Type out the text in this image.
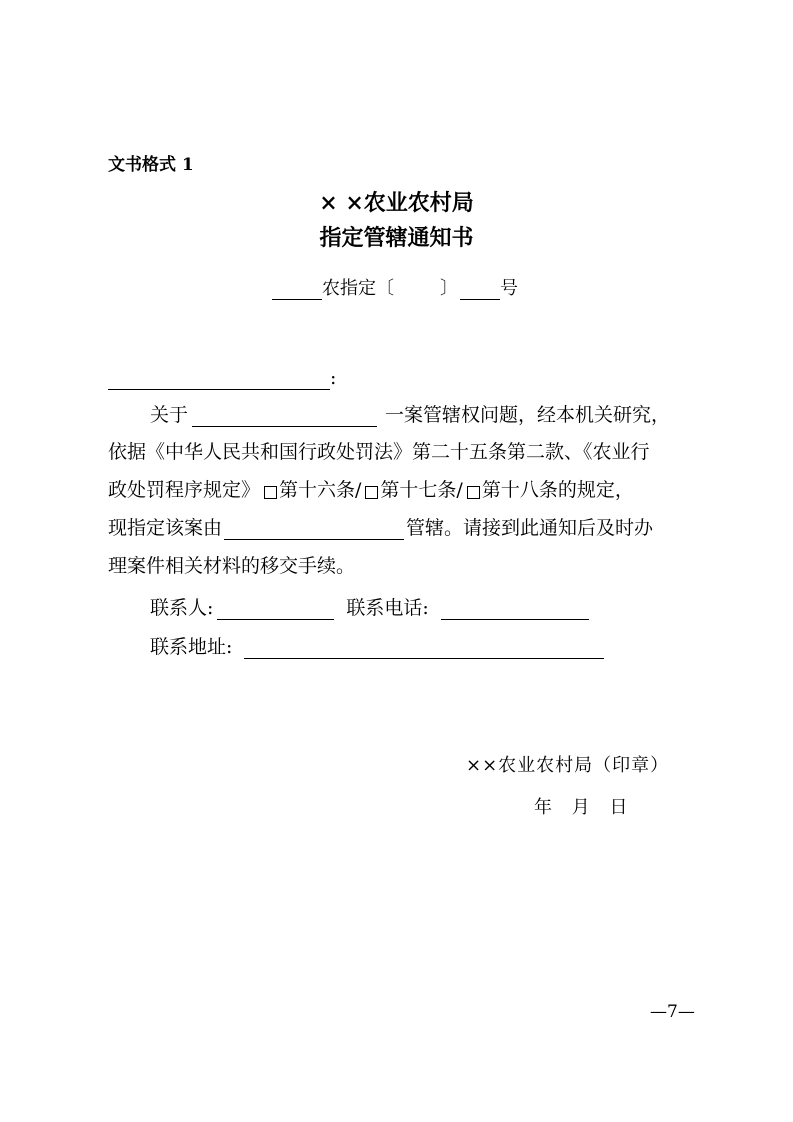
文书格式 1
× ×农业农村局
指定管辖通知书
农指定〔	〕 号
:
关于	一案管辖权问题，经本机关研究，
依据《中华人民共和国行政处罚法》第二十五条第二款、《农业行
政处罚程序规定》 第十六条/ 第十七条/ 第十八条的规定，
现指定该案由	管辖。请接到此通知后及时办
理案件相关材料的移交手续。
联系人:	联系电话:
联系地址:
××农业农村局（印章）
年 月 日
—7—
